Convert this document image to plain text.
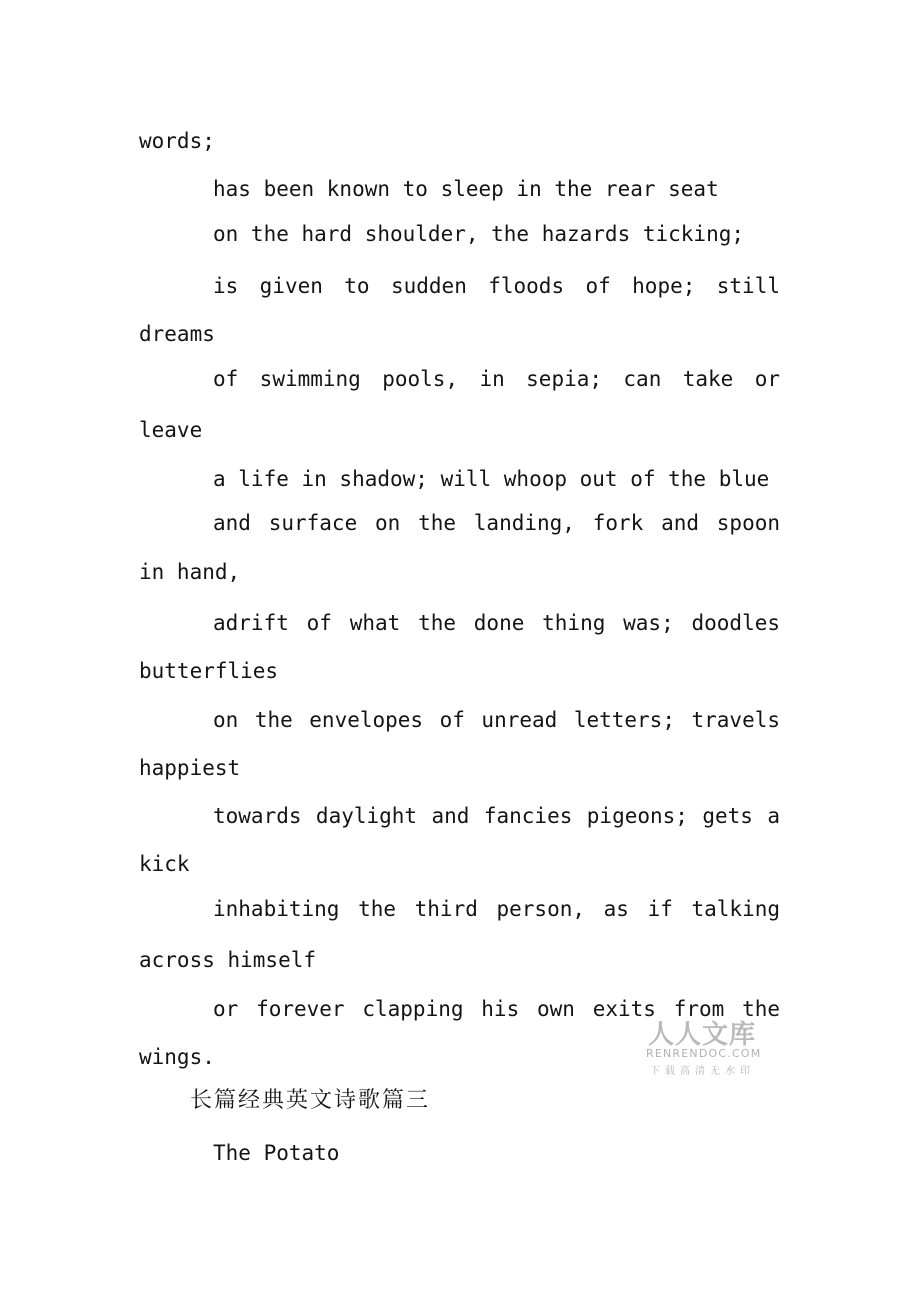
words;
has been known to sleep in the rear seat
on the hard shoulder, the hazards ticking;
is given to sudden floods of hope; still
dreams
of swimming pools, in sepia; can take or
leave
a life in shadow; will whoop out of the blue
and surface on the landing, fork and spoon
in hand,
adrift of what the done thing was; doodles
butterflies
on the envelopes of unread letters; travels
happiest
towards daylight and fancies pigeons; gets a
kick
inhabiting the third person, as if talking
across himself
or forever clapping his own exits from the
wings.
长篇经典英文诗歌篇三
The Potato
人人文库
RENRENDOC.COM
下载高清无水印
